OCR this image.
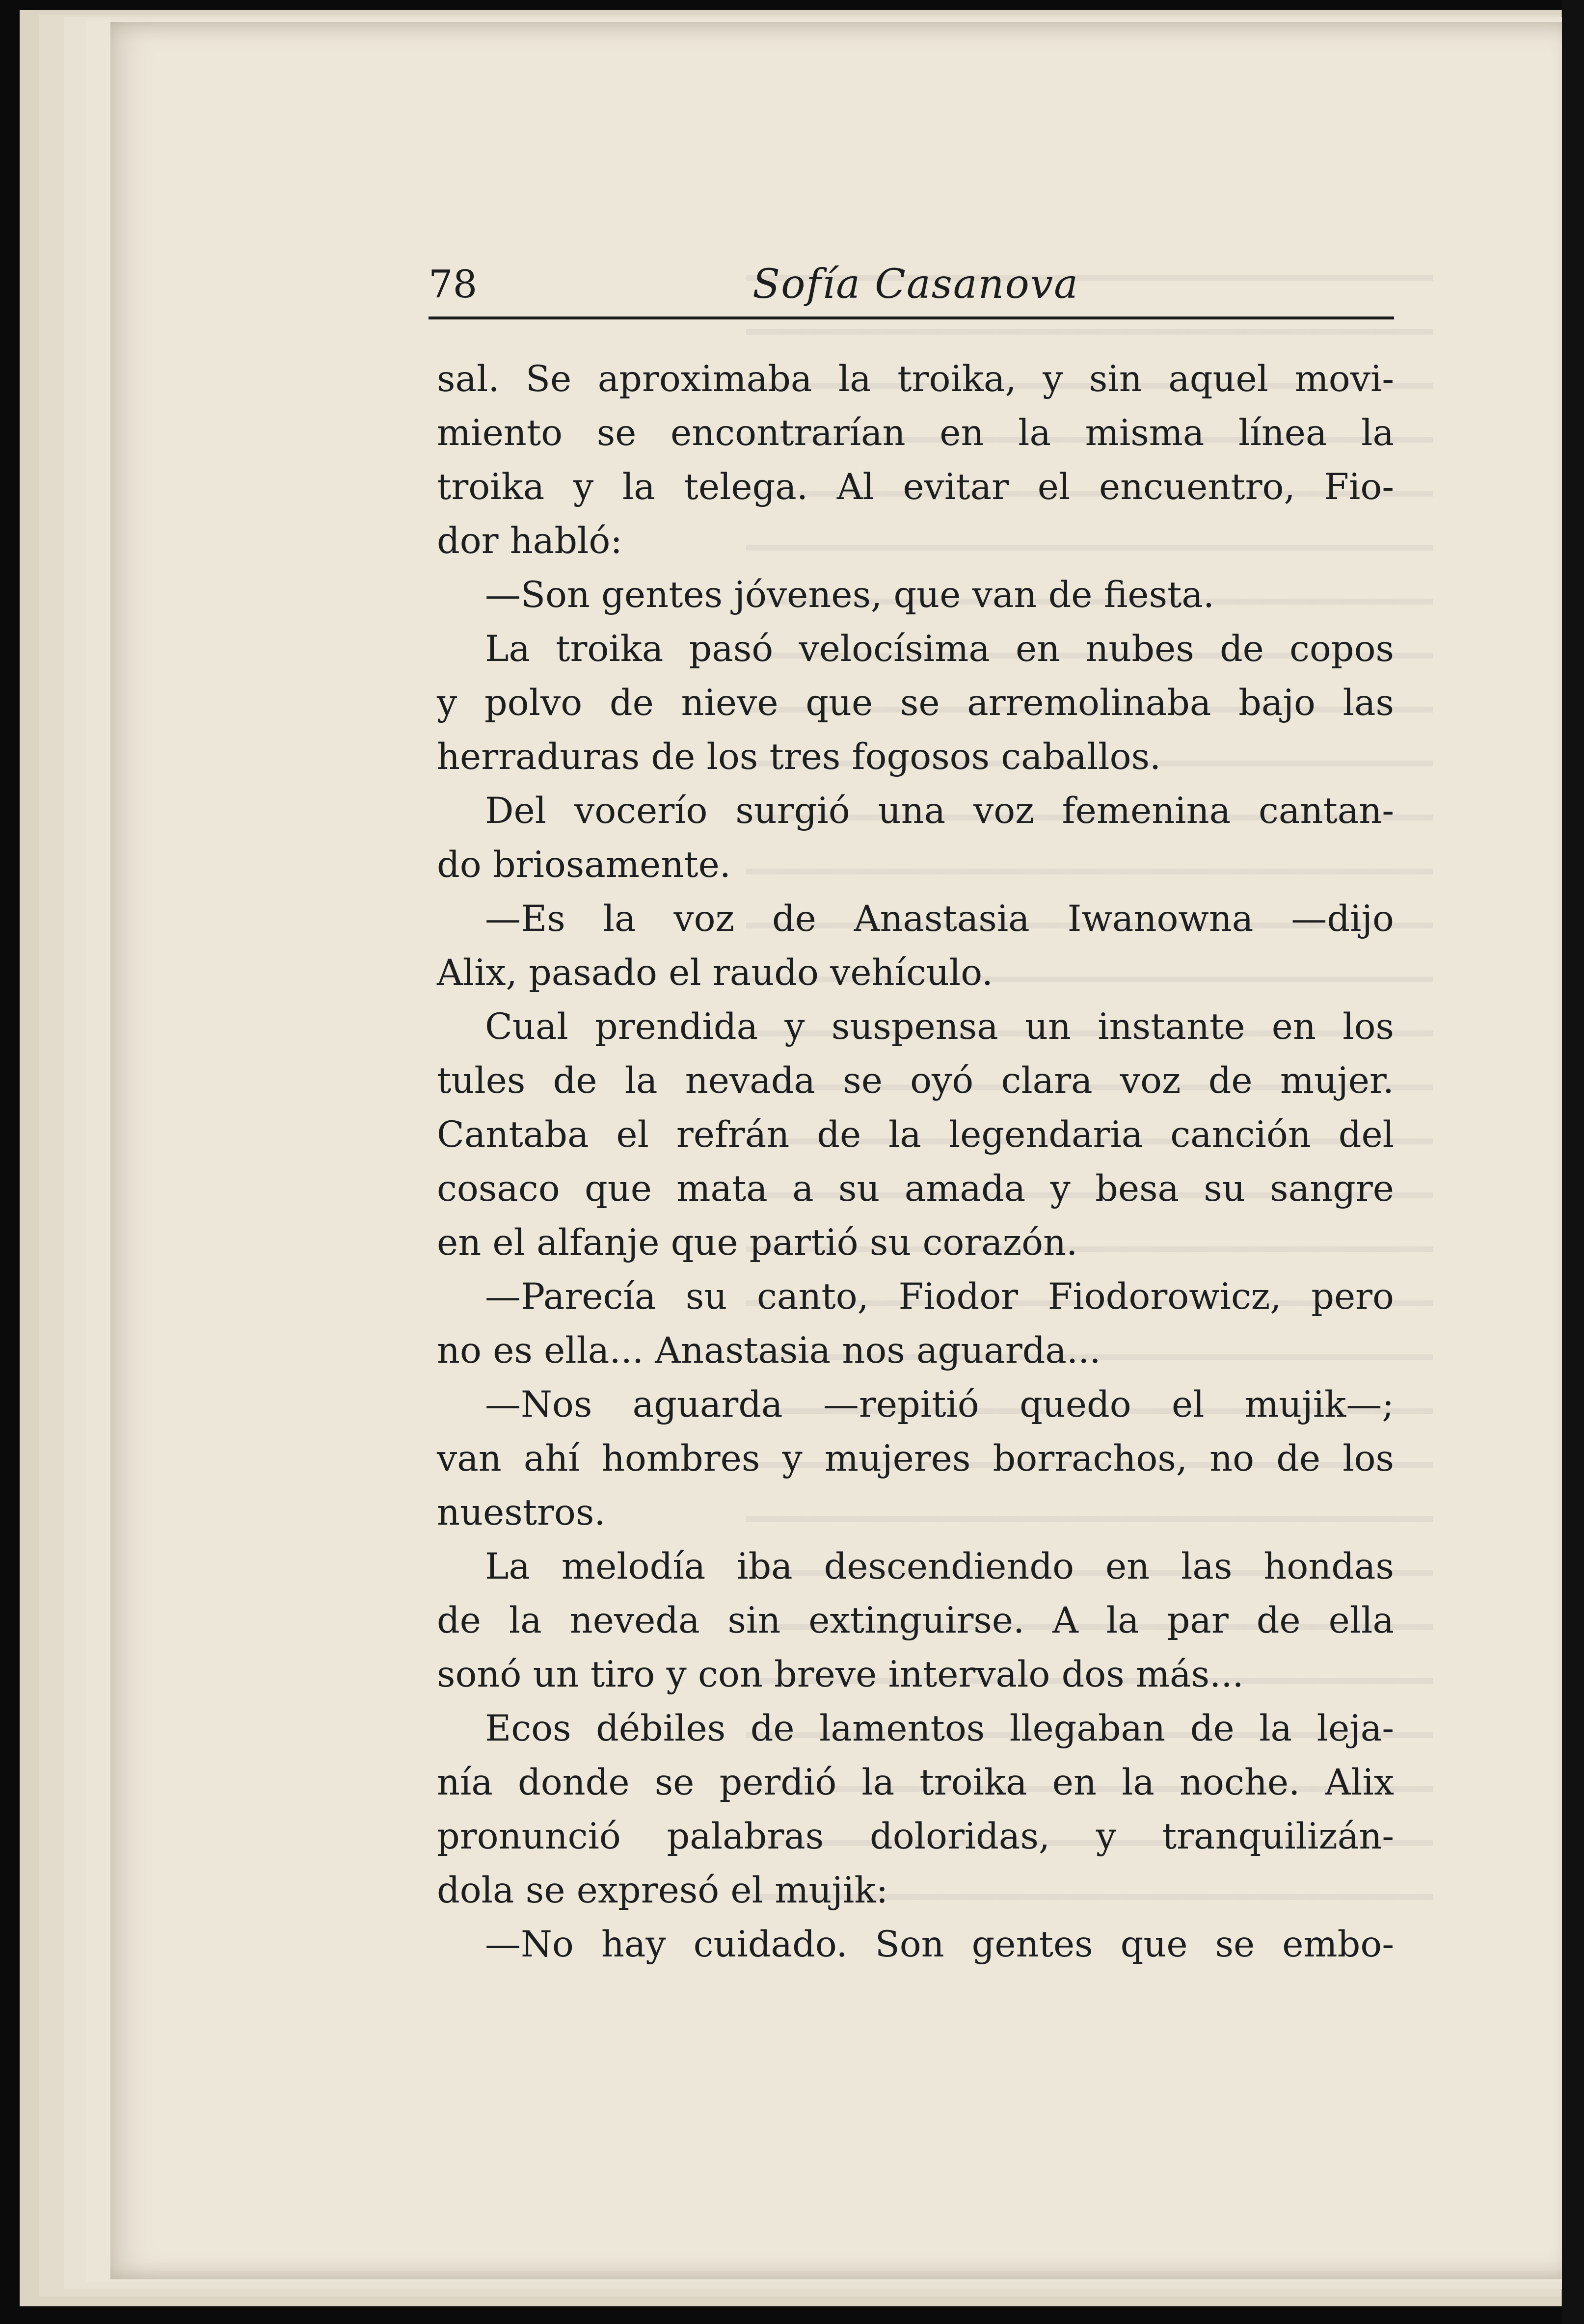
78	Sofía Casanova
sal. Se aproximaba la troika, y sin aquel movi-
miento se encontrarían en la misma línea la
troika y la telega. Al evitar el encuentro, Fio-
dor habló:
—Son gentes jóvenes, que van de fiesta.
La troika pasó velocísima en nubes de copos
y polvo de nieve que se arremolinaba bajo las
herraduras de los tres fogosos caballos.
Del vocerío surgió una voz femenina cantan-
do briosamente.
—Es la voz de Anastasia Iwanowna —dijo
Alix, pasado el raudo vehículo.
Cual prendida y suspensa un instante en los
tules de la nevada se oyó clara voz de mujer.
Cantaba el refrán de la legendaria canción del
cosaco que mata a su amada y besa su sangre
en el alfanje que partió su corazón.
—Parecía su canto, Fiodor Fiodorowicz, pero
no es ella... Anastasia nos aguarda...
—Nos aguarda —repitió quedo el mujik—;
van ahí hombres y mujeres borrachos, no de los
nuestros.
La melodía iba descendiendo en las hondas
de la neveda sin extinguirse. A la par de ella
sonó un tiro y con breve intervalo dos más...
Ecos débiles de lamentos llegaban de la leja-
nía donde se perdió la troika en la noche. Alix
pronunció palabras doloridas, y tranquilizán-
dola se expresó el mujik:
—No hay cuidado. Son gentes que se embo-
